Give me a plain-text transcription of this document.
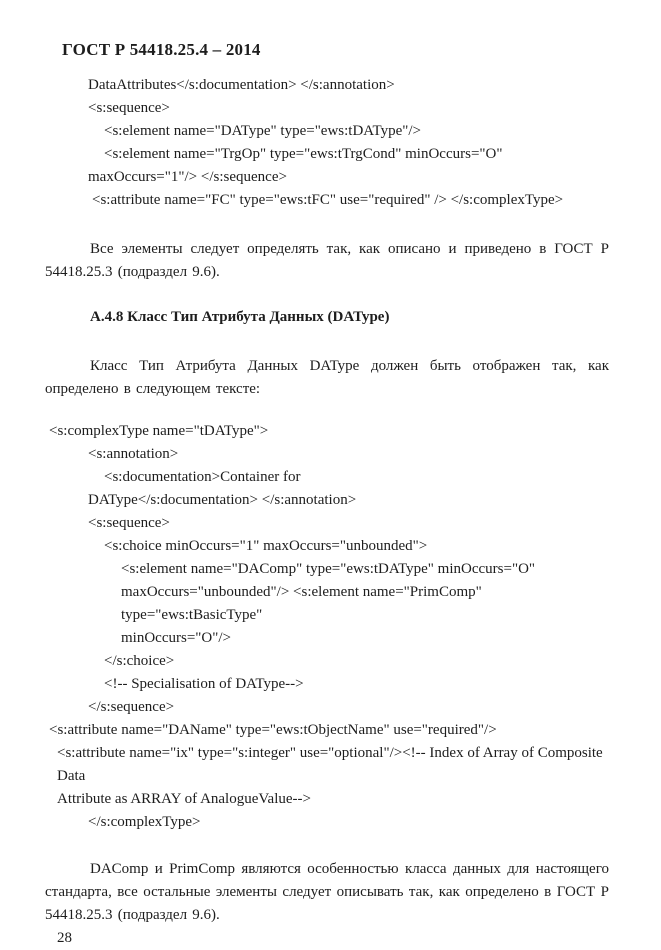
ГОСТ Р 54418.25.4 – 2014
DataAttributes</s:documentation> </s:annotation>
<s:sequence>
<s:element name="DAType" type="ews:tDAType"/>
<s:element name="TrgOp" type="ews:tTrgCond" minOccurs="O"
maxOccurs="1"/> </s:sequence>
<s:attribute name="FC" type="ews:tFC" use="required" /> </s:complexType>

Все элементы следует определять так, как описано и приведено в ГОСТ Р 54418.25.3 (подраздел 9.6).

А.4.8 Класс Тип Атрибута Данных (DAType)

Класс Тип Атрибута Данных DAType должен быть отображен так, как определено в следующем тексте:

<s:complexType name="tDAType">
<s:annotation>
<s:documentation>Container for
DAType</s:documentation> </s:annotation>
<s:sequence>
<s:choice minOccurs="1" maxOccurs="unbounded">
<s:element name="DAComp" type="ews:tDAType" minOccurs="O"
maxOccurs="unbounded"/> <s:element name="PrimComp" type="ews:tBasicType"
minOccurs="O"/>
</s:choice>
<!-- Specialisation of DAType-->
</s:sequence>
<s:attribute name="DAName" type="ews:tObjectName" use="required"/>
<s:attribute name="ix" type="s:integer" use="optional"/><!-- Index of Array of Composite Data
Attribute as ARRAY of AnalogueValue-->
</s:complexType>

DAComp и PrimComp являются особенностью класса данных для настоящего стандарта, все остальные элементы следует описывать так, как определено в ГОСТ Р 54418.25.3 (подраздел 9.6).

28
